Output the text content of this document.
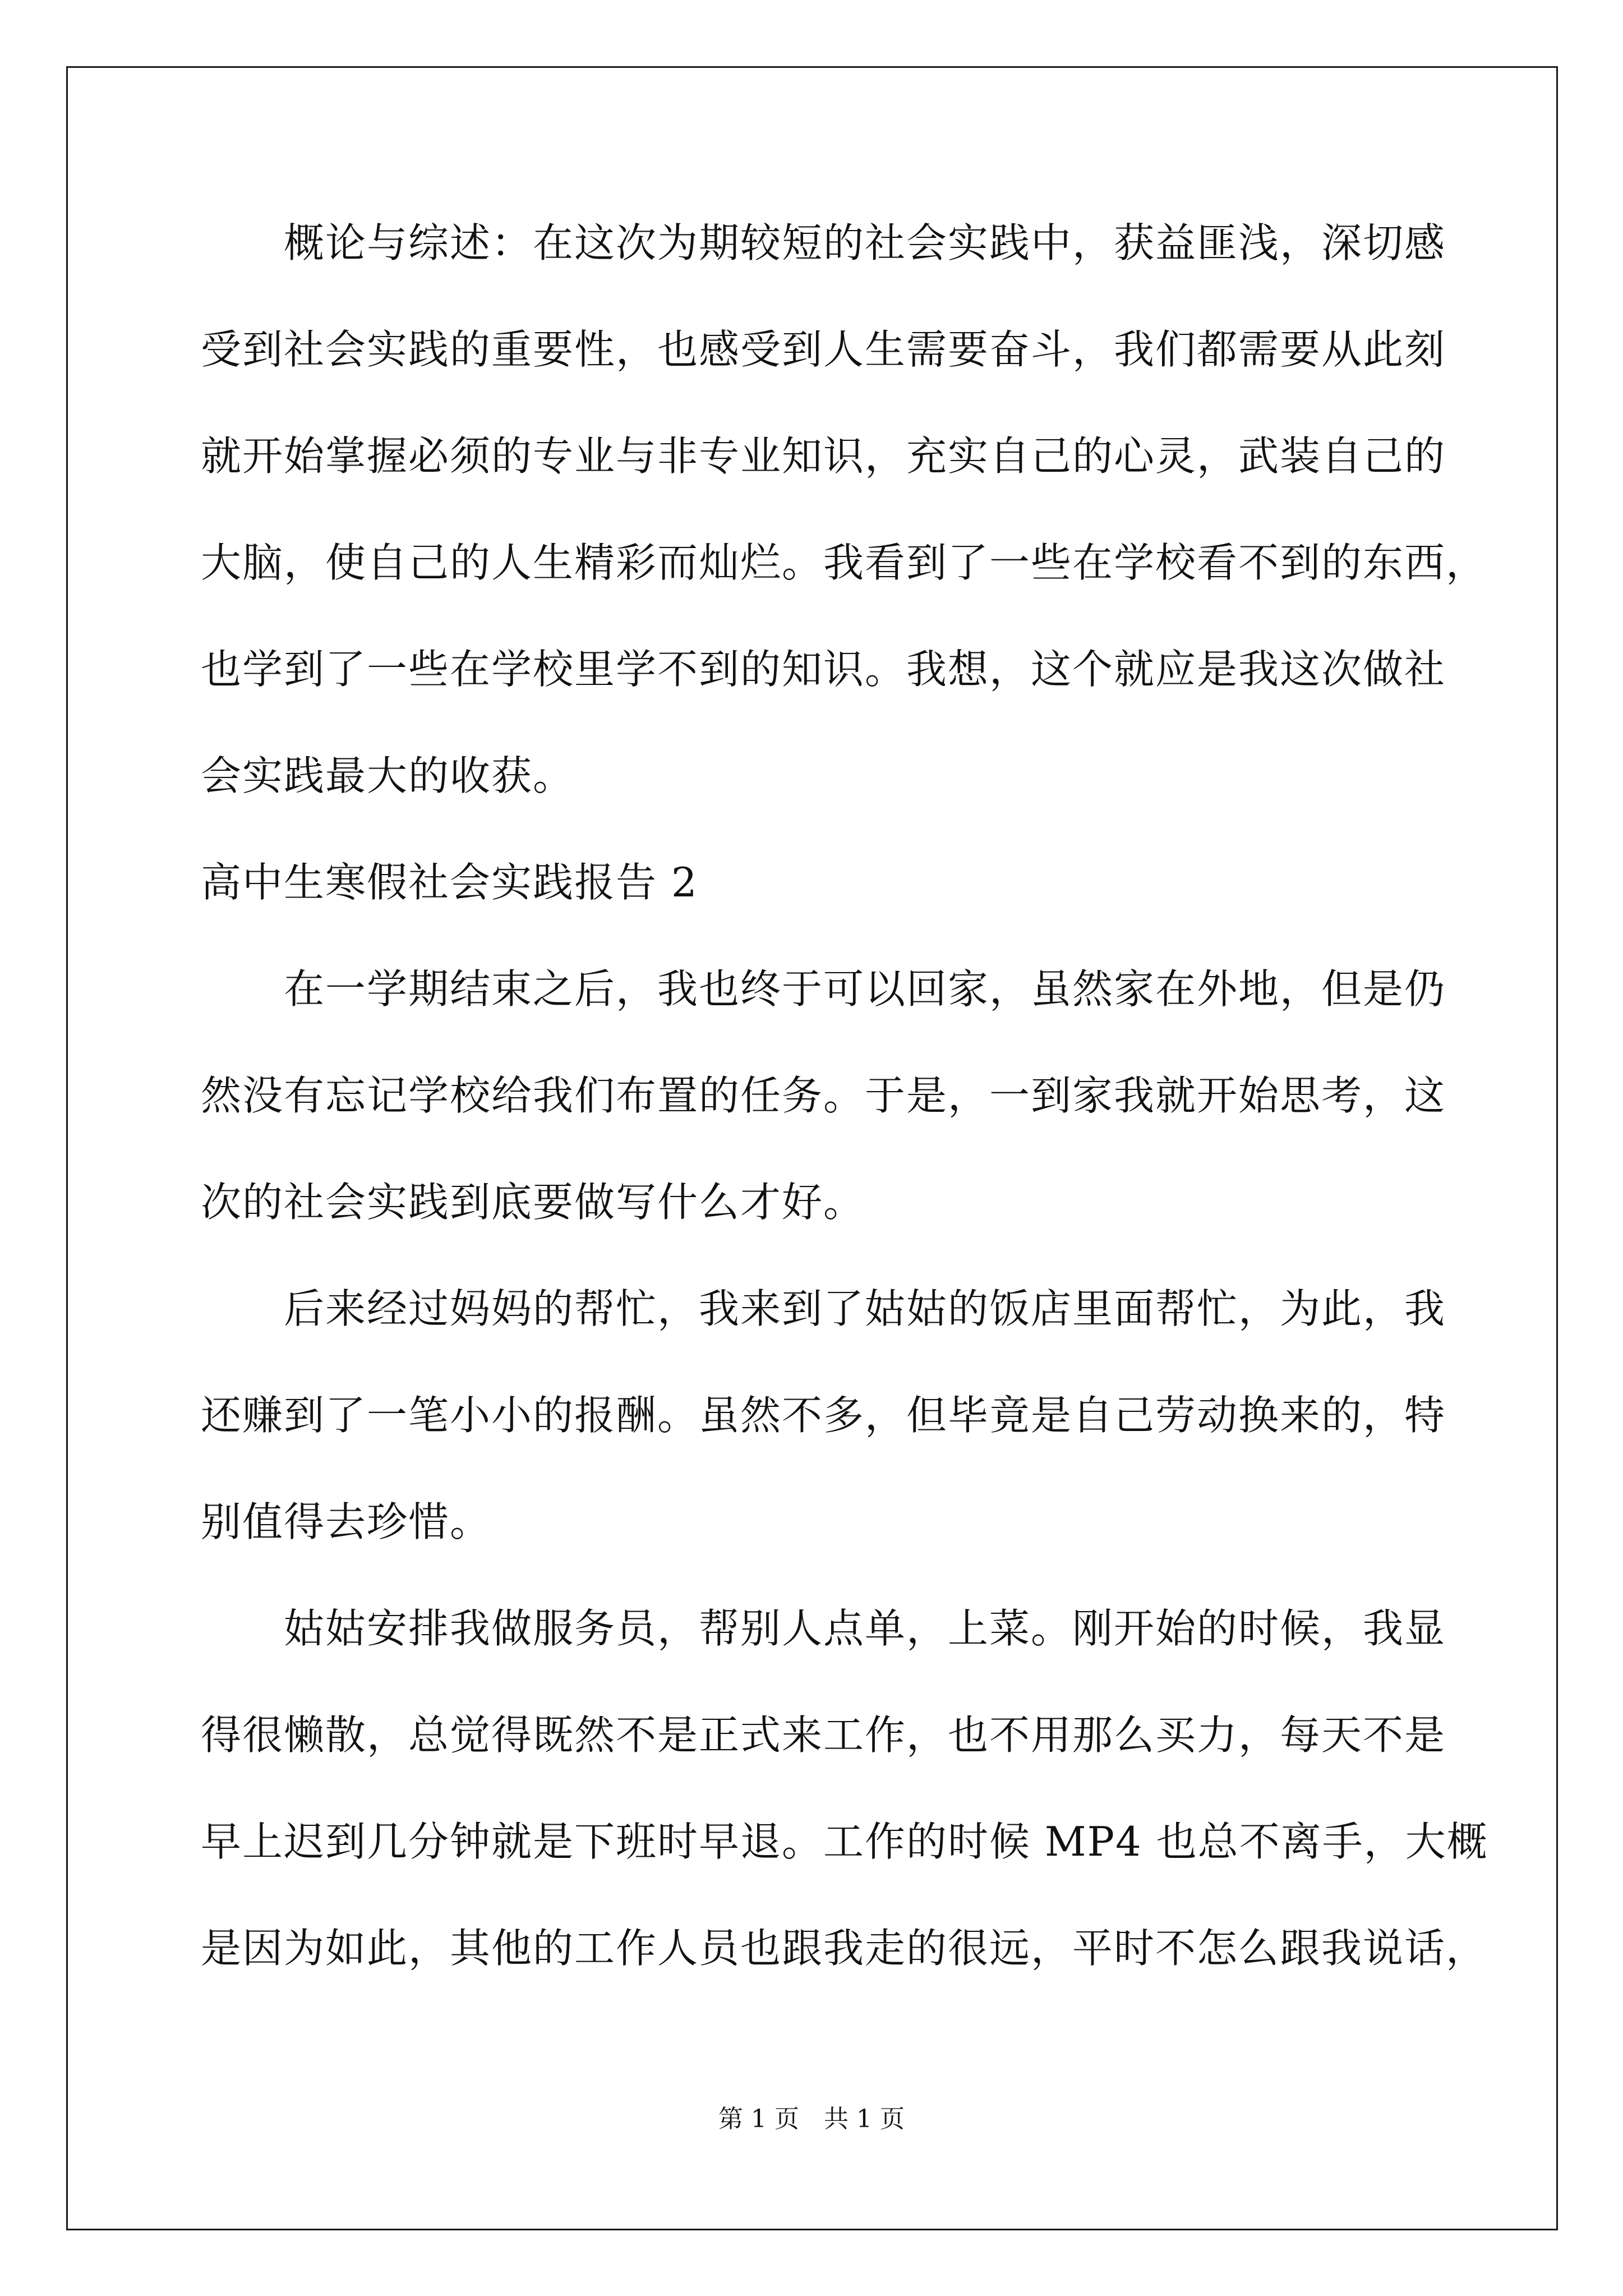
　　概论与综述：在这次为期较短的社会实践中，获益匪浅，深切感
受到社会实践的重要性，也感受到人生需要奋斗，我们都需要从此刻
就开始掌握必须的专业与非专业知识，充实自己的心灵，武装自己的
大脑，使自己的人生精彩而灿烂。我看到了一些在学校看不到的东西，
也学到了一些在学校里学不到的知识。我想，这个就应是我这次做社
会实践最大的收获。
高中生寒假社会实践报告 2
　　在一学期结束之后，我也终于可以回家，虽然家在外地，但是仍
然没有忘记学校给我们布置的任务。于是，一到家我就开始思考，这
次的社会实践到底要做写什么才好。
　　后来经过妈妈的帮忙，我来到了姑姑的饭店里面帮忙，为此，我
还赚到了一笔小小的报酬。虽然不多，但毕竟是自己劳动换来的，特
别值得去珍惜。
　　姑姑安排我做服务员，帮别人点单，上菜。刚开始的时候，我显
得很懒散，总觉得既然不是正式来工作，也不用那么买力，每天不是
早上迟到几分钟就是下班时早退。工作的时候 MP4 也总不离手，大概
是因为如此，其他的工作人员也跟我走的很远，平时不怎么跟我说话，
第 1 页　共 1 页
